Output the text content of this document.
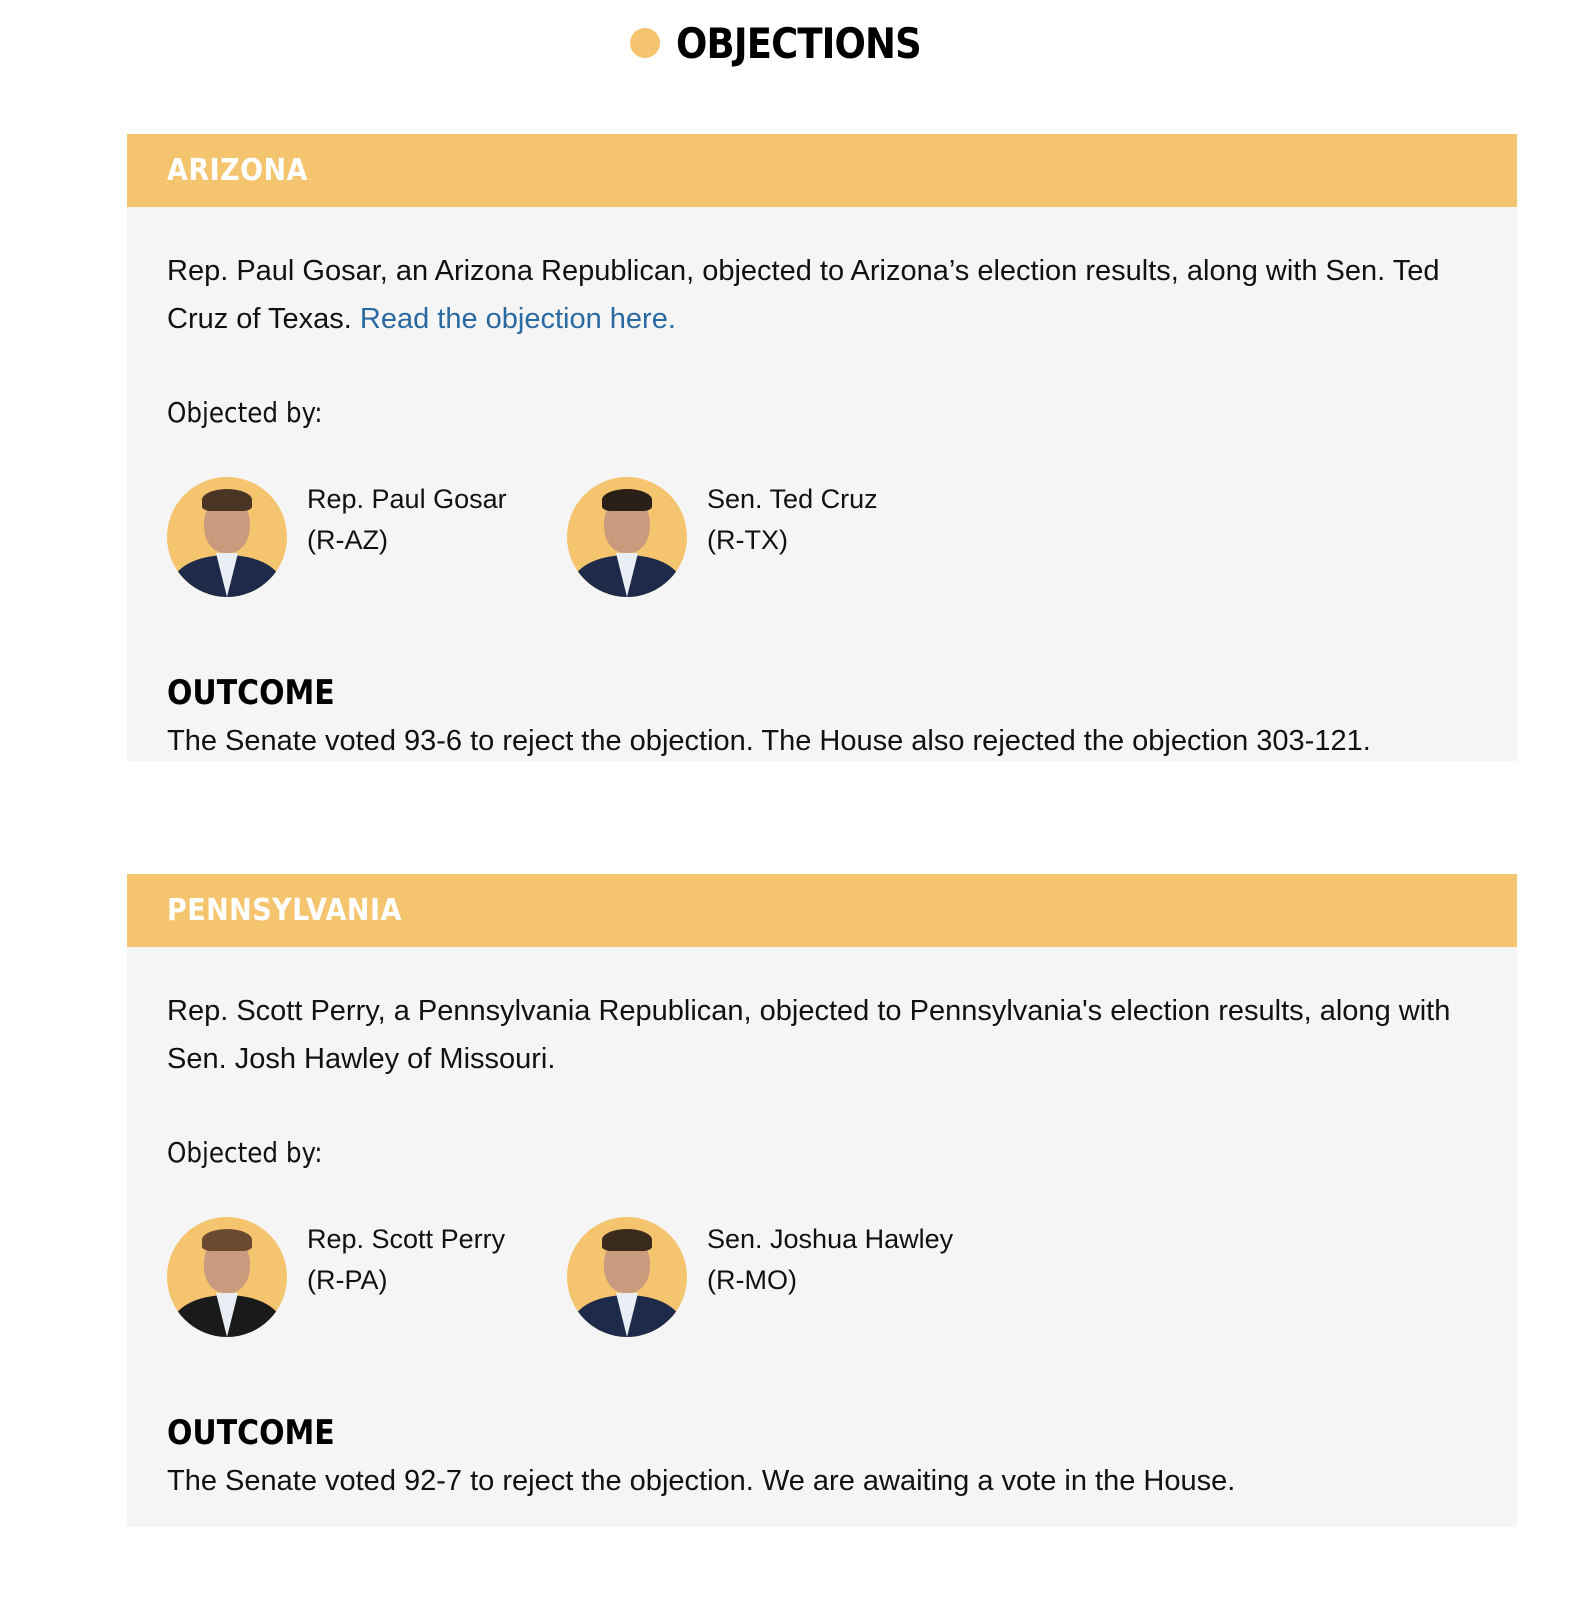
OBJECTIONS
ARIZONA

Rep. Paul Gosar, an Arizona Republican, objected to Arizona’s election results, along with Sen. Ted Cruz of Texas. Read the objection here.

Objected by:
Rep. Paul Gosar
(R-AZ)
Sen. Ted Cruz
(R-TX)
OUTCOME

The Senate voted 93-6 to reject the objection. The House also rejected the objection 303-121.

PENNSYLVANIA

Rep. Scott Perry, a Pennsylvania Republican, objected to Pennsylvania's election results, along with Sen. Josh Hawley of Missouri.

Objected by:
Rep. Scott Perry
(R-PA)
Sen. Joshua Hawley
(R-MO)
OUTCOME

The Senate voted 92-7 to reject the objection. We are awaiting a vote in the House.
